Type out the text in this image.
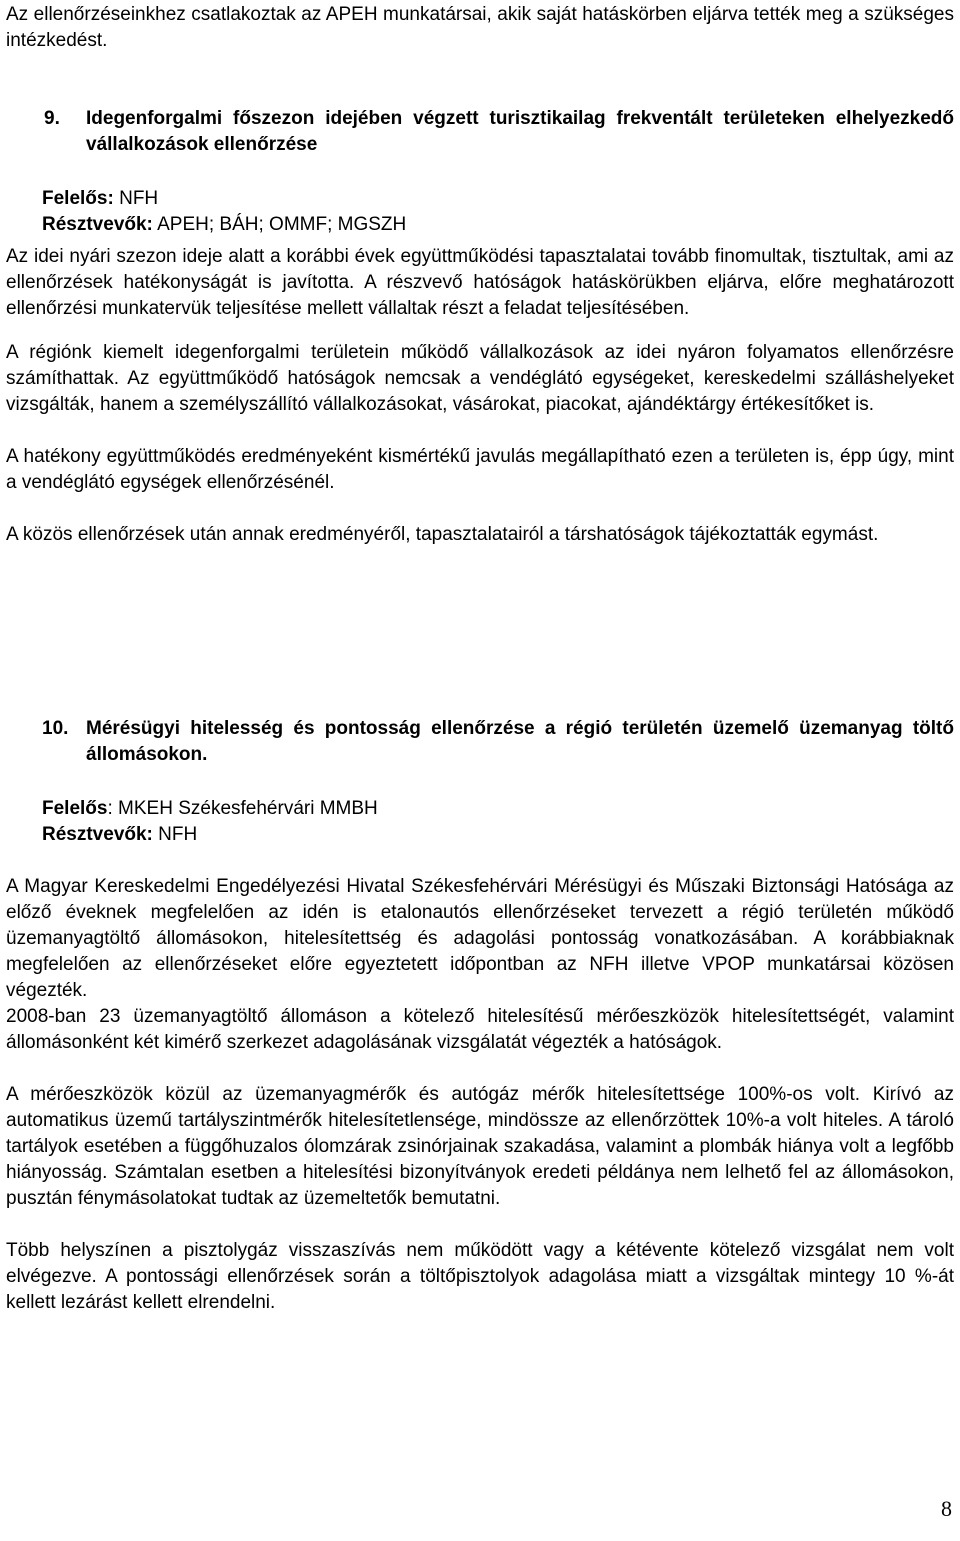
Az ellenőrzéseinkhez csatlakoztak az APEH munkatársai, akik saját hatáskörben eljárva tették meg a szükséges intézkedést.

9.	Idegenforgalmi főszezon idejében végzett turisztikailag frekventált területeken elhelyezkedő vállalkozások ellenőrzése
Felelős: NFH
Résztvevők: APEH; BÁH; OMMF; MGSZH

Az idei nyári szezon ideje alatt a korábbi évek együttműködési tapasztalatai tovább finomultak, tisztultak, ami az ellenőrzések hatékonyságát is javította. A részvevő hatóságok hatáskörükben eljárva, előre meghatározott ellenőrzési munkatervük teljesítése mellett vállaltak részt a feladat teljesítésében.

A régiónk kiemelt idegenforgalmi területein működő vállalkozások az idei nyáron folyamatos ellenőrzésre számíthattak. Az együttműködő hatóságok nemcsak a vendéglátó egységeket, kereskedelmi szálláshelyeket vizsgálták, hanem a személyszállító vállalkozásokat, vásárokat, piacokat, ajándéktárgy értékesítőket is.

A hatékony együttműködés eredményeként kismértékű javulás megállapítható ezen a területen is, épp úgy, mint a vendéglátó egységek ellenőrzésénél.

A közös ellenőrzések után annak eredményéről, tapasztalatairól a társhatóságok tájékoztatták egymást.

10. Mérésügyi hitelesség és pontosság ellenőrzése a régió területén üzemelő üzemanyag töltő állomásokon.
Felelős: MKEH Székesfehérvári MMBH
Résztvevők: NFH

A Magyar Kereskedelmi Engedélyezési Hivatal Székesfehérvári Mérésügyi és Műszaki Biztonsági Hatósága az előző éveknek megfelelően az idén is etalonautós ellenőrzéseket tervezett a régió területén működő üzemanyagtöltő állomásokon, hitelesítettség és adagolási pontosság vonatkozásában. A korábbiaknak megfelelően az ellenőrzéseket előre egyeztetett időpontban az NFH illetve VPOP munkatársai közösen végezték.

2008-ban 23 üzemanyagtöltő állomáson a kötelező hitelesítésű mérőeszközök hitelesítettségét, valamint állomásonként két kimérő szerkezet adagolásának vizsgálatát végezték a hatóságok.

A mérőeszközök közül az üzemanyagmérők és autógáz mérők hitelesítettsége 100%-os volt. Kirívó az automatikus üzemű tartályszintmérők hitelesítetlensége, mindössze az ellenőrzöttek 10%-a volt hiteles. A tároló tartályok esetében a függőhuzalos ólomzárak zsinórjainak szakadása, valamint a plombák hiánya volt a legfőbb hiányosság. Számtalan esetben a hitelesítési bizonyítványok eredeti példánya nem lelhető fel az állomásokon, pusztán fénymásolatokat tudtak az üzemeltetők bemutatni.

Több helyszínen a pisztolygáz visszaszívás nem működött vagy a kétévente kötelező vizsgálat nem volt elvégezve. A pontossági ellenőrzések során a töltőpisztolyok adagolása miatt a vizsgáltak mintegy 10 %-át kellett lezárást kellett elrendelni.

8
